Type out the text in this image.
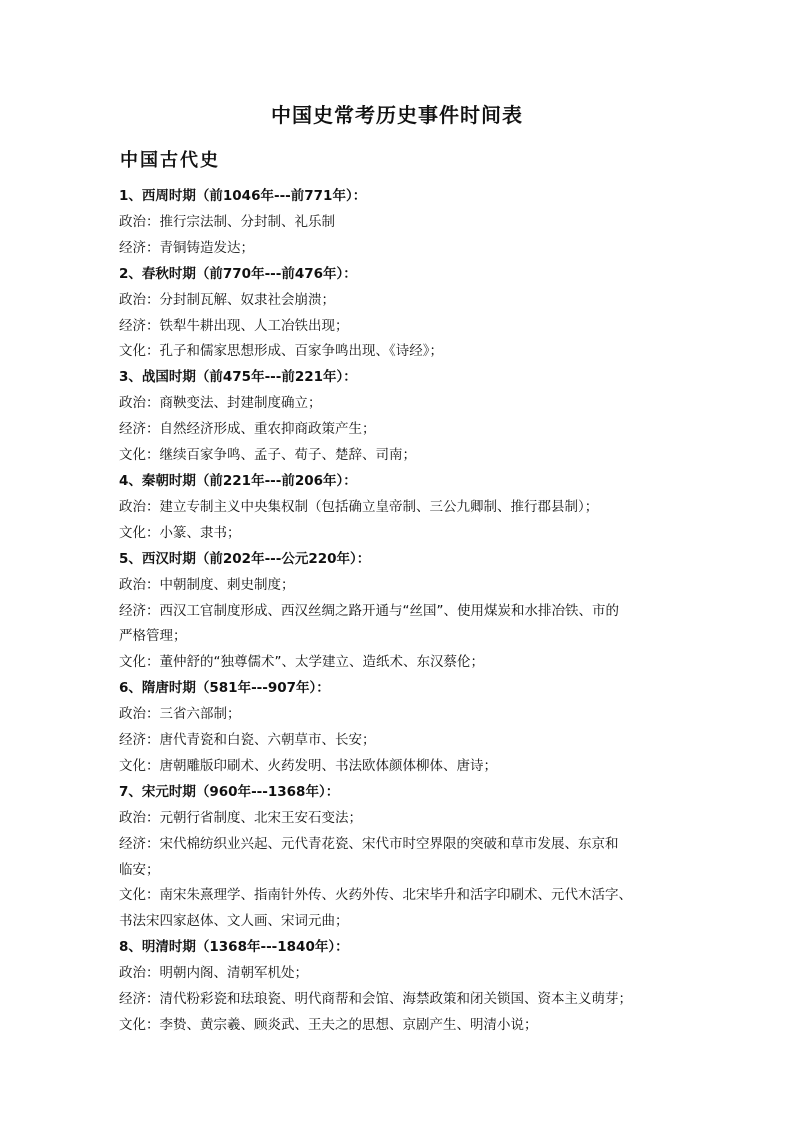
中国史常考历史事件时间表
中国古代史
1、西周时期（前1046年---前771年）：
政治：推行宗法制、分封制、礼乐制
经济：青铜铸造发达；
2、春秋时期（前770年---前476年）：
政治：分封制瓦解、奴隶社会崩溃；
经济：铁犁牛耕出现、人工冶铁出现；
文化：孔子和儒家思想形成、百家争鸣出现、《诗经》；
3、战国时期（前475年---前221年）：
政治：商鞅变法、封建制度确立；
经济：自然经济形成、重农抑商政策产生；
文化：继续百家争鸣、孟子、荀子、楚辞、司南；
4、秦朝时期（前221年---前206年）：
政治：建立专制主义中央集权制（包括确立皇帝制、三公九卿制、推行郡县制）；
文化：小篆、隶书；
5、西汉时期（前202年---公元220年）：
政治：中朝制度、刺史制度；
经济：西汉工官制度形成、西汉丝绸之路开通与“丝国”、使用煤炭和水排冶铁、市的
严格管理；
文化：董仲舒的“独尊儒术”、太学建立、造纸术、东汉蔡伦；
6、隋唐时期（581年---907年）：
政治：三省六部制；
经济：唐代青瓷和白瓷、六朝草市、长安；
文化：唐朝雕版印刷术、火药发明、书法欧体颜体柳体、唐诗；
7、宋元时期（960年---1368年）：
政治：元朝行省制度、北宋王安石变法；
经济：宋代棉纺织业兴起、元代青花瓷、宋代市时空界限的突破和草市发展、东京和
临安；
文化：南宋朱熹理学、指南针外传、火药外传、北宋毕升和活字印刷术、元代木活字、
书法宋四家赵体、文人画、宋词元曲；
8、明清时期（1368年---1840年）：
政治：明朝内阁、清朝军机处；
经济：清代粉彩瓷和珐琅瓷、明代商帮和会馆、海禁政策和闭关锁国、资本主义萌芽；
文化：李贽、黄宗羲、顾炎武、王夫之的思想、京剧产生、明清小说；
